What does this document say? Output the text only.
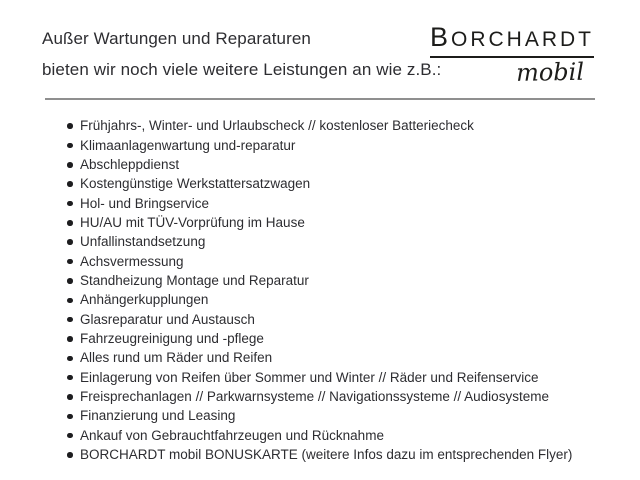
Außer Wartungen und Reparaturen
bieten wir noch viele weitere Leistungen an wie z.B.:
BORCHARDT
mobil
Frühjahrs-, Winter- und Urlaubscheck // kostenloser Batteriecheck
Klimaanlagenwartung und-reparatur
Abschleppdienst
Kostengünstige Werkstattersatzwagen
Hol- und Bringservice
HU/AU mit TÜV-Vorprüfung im Hause
Unfallinstandsetzung
Achsvermessung
Standheizung Montage und Reparatur
Anhängerkupplungen
Glasreparatur und Austausch
Fahrzeugreinigung und -pflege
Alles rund um Räder und Reifen
Einlagerung von Reifen über Sommer und Winter // Räder und Reifenservice
Freisprechanlagen // Parkwarnsysteme // Navigationssysteme // Audiosysteme
Finanzierung und Leasing
Ankauf von Gebrauchtfahrzeugen und Rücknahme
BORCHARDT mobil BONUSKARTE (weitere Infos dazu im entsprechenden Flyer)
